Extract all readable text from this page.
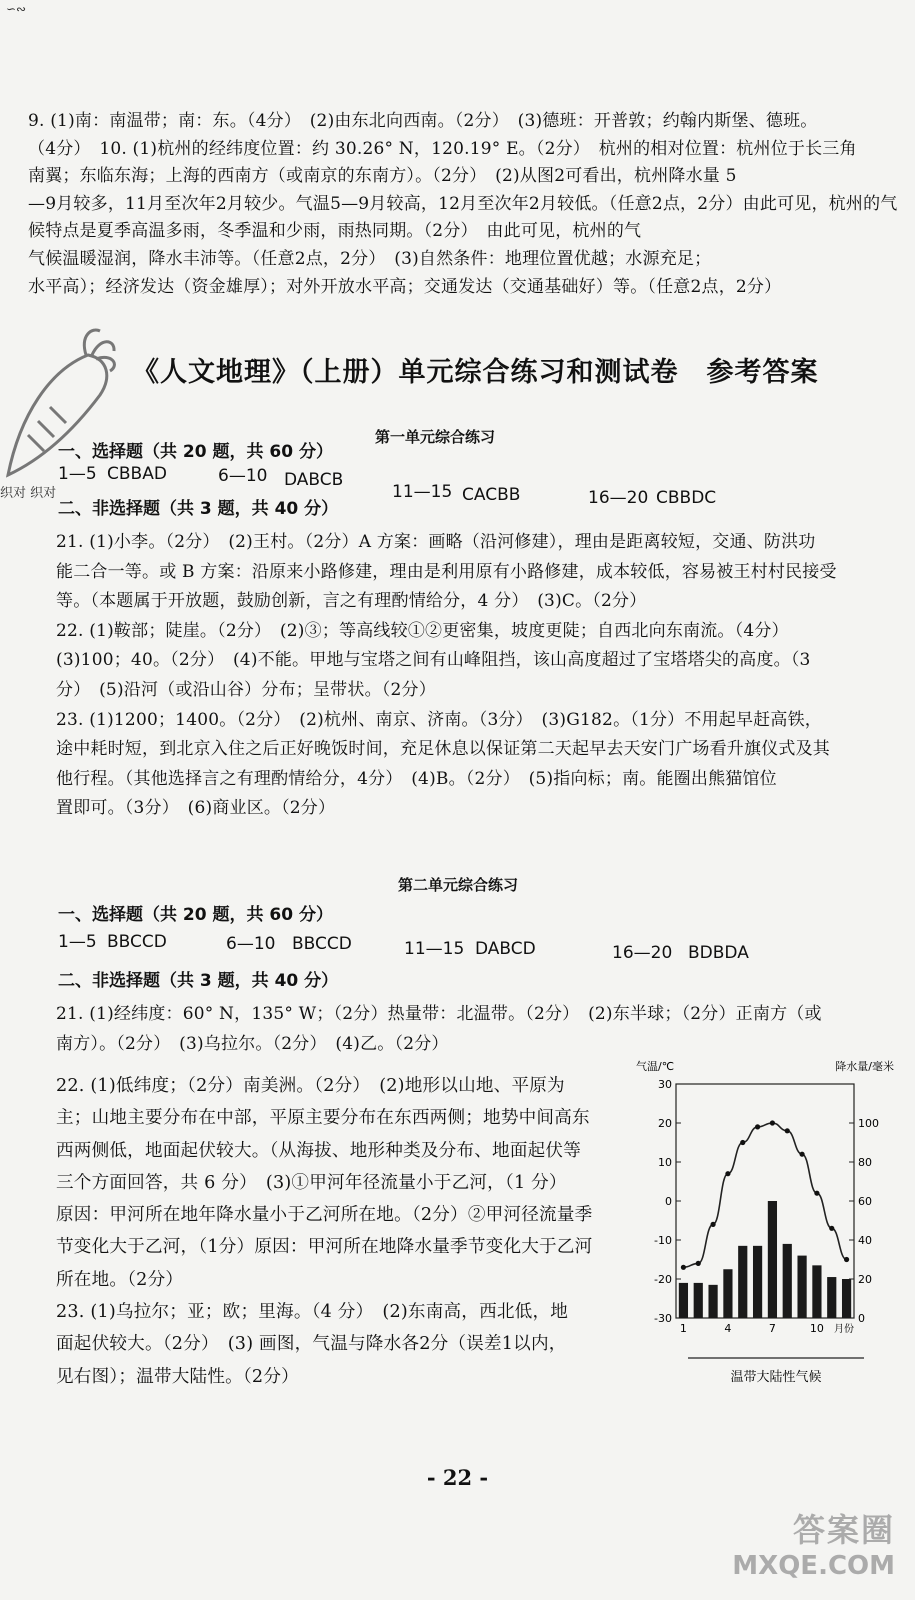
∽∾
织对 织对
9. (1)南：南温带；南：东。（4分）　(2)由东北向西南。（2分）　(3)德班：开普敦；约翰内斯堡、德班。
（4分）　10. (1)杭州的经纬度位置：约 30.26° N，120.19° E。（2分）　杭州的相对位置：杭州位于长三角
南翼；东临东海；上海的西南方（或南京的东南方）。（2分）　(2)从图2可看出，杭州降水量 5
—9月较多，11月至次年2月较少。气温5—9月较高，12月至次年2月较低。（任意2点，2分）由此可见，杭州的气
候特点是夏季高温多雨，冬季温和少雨，雨热同期。（2分）　由此可见，杭州的气
气候温暖湿润，降水丰沛等。（任意2点，2分）　(3)自然条件：地理位置优越；水源充足；
水平高）；经济发达（资金雄厚）；对外开放水平高；交通发达（交通基础好）等。（任意2点，2分）
《人文地理》（上册）单元综合练习和测试卷　参考答案
第一单元综合练习
一、选择题（共 20 题，共 60 分）
1—5 CBBAD	6—10 DABCB
11—15 CACBB	16—20 CBBDC
二、非选择题（共 3 题，共 40 分）
21. (1)小李。（2分）　(2)王村。（2分）A 方案：画略（沿河修建），理由是距离较短，交通、防洪功
能二合一等。或 B 方案：沿原来小路修建，理由是利用原有小路修建，成本较低，容易被王村村民接受
等。（本题属于开放题，鼓励创新，言之有理酌情给分，4 分）　(3)C。（2分）
22. (1)鞍部；陡崖。（2分）　(2)③；等高线较①②更密集，坡度更陡；自西北向东南流。（4分）
(3)100；40。（2分）　(4)不能。甲地与宝塔之间有山峰阻挡，该山高度超过了宝塔塔尖的高度。（3
分）　(5)沿河（或沿山谷）分布；呈带状。（2分）
23. (1)1200；1400。（2分）　(2)杭州、南京、济南。（3分）　(3)G182。（1分）不用起早赶高铁，
途中耗时短，到北京入住之后正好晚饭时间，充足休息以保证第二天起早去天安门广场看升旗仪式及其
他行程。（其他选择言之有理酌情给分，4分）　(4)B。（2分）　(5)指向标；南。能圈出熊猫馆位
置即可。（3分）　(6)商业区。（2分）
第二单元综合练习
一、选择题（共 20 题，共 60 分）
1—5 BBCCD	6—10 BBCCD	11—15 DABCD	16—20 BDBDA
二、非选择题（共 3 题，共 40 分）
21. (1)经纬度：60° N，135° W；（2分）热量带：北温带。（2分）　(2)东半球；（2分）正南方（或
南方）。（2分）　(3)乌拉尔。（2分）　(4)乙。（2分）
22. (1)低纬度；（2分）南美洲。（2分）　(2)地形以山地、平原为
主；山地主要分布在中部，平原主要分布在东西两侧；地势中间高东
西两侧低，地面起伏较大。（从海拔、地形种类及分布、地面起伏等
三个方面回答，共 6 分）　(3)①甲河年径流量小于乙河，（1 分）
原因：甲河所在地年降水量小于乙河所在地。（2分）②甲河径流量季
节变化大于乙河，（1分）原因：甲河所在地降水量季节变化大于乙河
所在地。（2分）
23. (1)乌拉尔；亚；欧；里海。（4 分）　(2)东南高，西北低，地
面起伏较大。（2分）　(3) 画图，气温与降水各2分（误差1以内，
见右图）；温带大陆性。（2分）
气温/℃	降水量/毫米
30
20
10
0
-10
-20
-30
100
80
60
40
20
0
1	4	7	10 月份
温带大陆性气候
- 22 -
答案圈
MXQE.COM
